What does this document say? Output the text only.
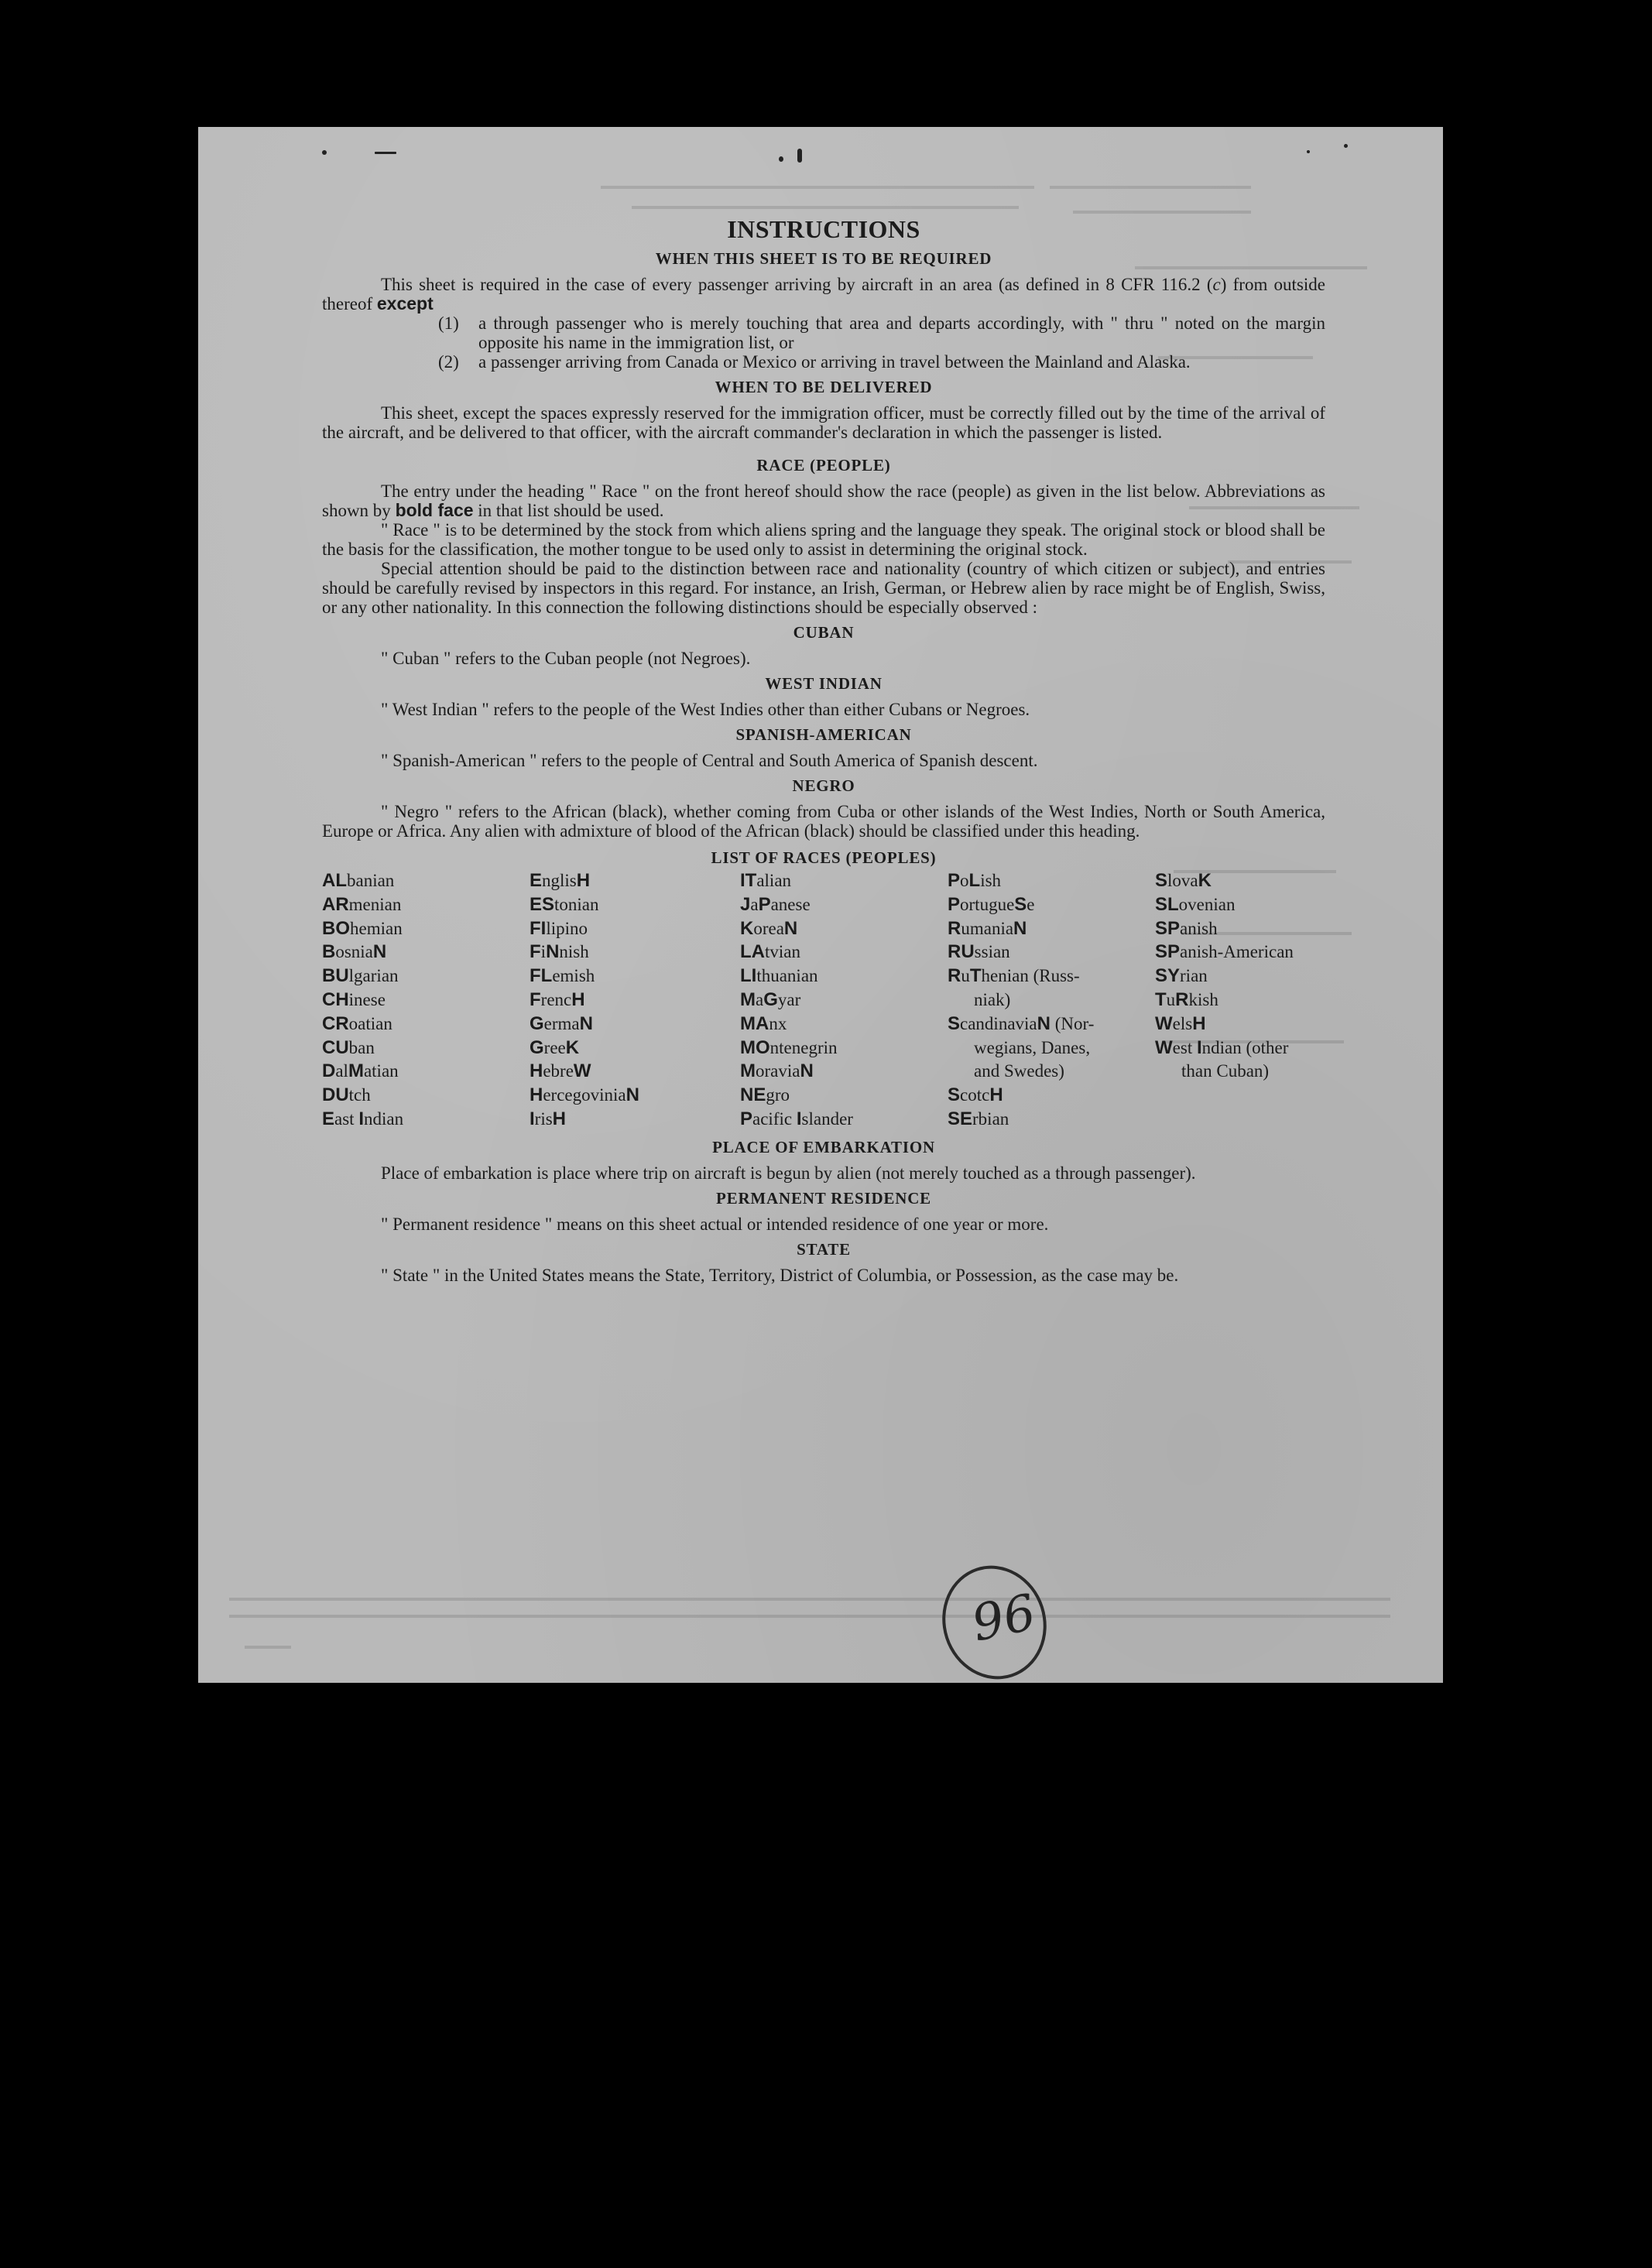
96
INSTRUCTIONS
WHEN THIS SHEET IS TO BE REQUIRED

This sheet is required in the case of every passenger arriving by aircraft in an area (as defined in 8 CFR 116.2 (c) from outside thereof except

(1)	a through passenger who is merely touching that area and departs accordingly, with " thru " noted on the margin opposite his name in the immigration list, or
(2)	a passenger arriving from Canada or Mexico or arriving in travel between the Mainland and Alaska.
WHEN TO BE DELIVERED

This sheet, except the spaces expressly reserved for the immigration officer, must be correctly filled out by the time of the arrival of the aircraft, and be delivered to that officer, with the aircraft commander's declaration in which the passenger is listed.

RACE (PEOPLE)

The entry under the heading " Race " on the front hereof should show the race (people) as given in the list below. Abbreviations as shown by bold face in that list should be used.

" Race " is to be determined by the stock from which aliens spring and the language they speak. The original stock or blood shall be the basis for the classification, the mother tongue to be used only to assist in determining the original stock.

Special attention should be paid to the distinction between race and nationality (country of which citizen or subject), and entries should be carefully revised by inspectors in this regard. For instance, an Irish, German, or Hebrew alien by race might be of English, Swiss, or any other nationality. In this connection the following distinctions should be especially observed :

CUBAN

" Cuban " refers to the Cuban people (not Negroes).

WEST INDIAN

" West Indian " refers to the people of the West Indies other than either Cubans or Negroes.

SPANISH-AMERICAN

" Spanish-American " refers to the people of Central and South America of Spanish descent.

NEGRO

" Negro " refers to the African (black), whether coming from Cuba or other islands of the West Indies, North or South America, Europe or Africa. Any alien with admixture of blood of the African (black) should be classified under this heading.

LIST OF RACES (PEOPLES)
ALbanian
ARmenian
BOhemian
BosniaN
BUlgarian
CHinese
CRoatian
CUban
DalMatian
DUtch
East Indian
EnglisH
EStonian
FIlipino
FiNnish
FLemish
FrencH
GermaN
GreeK
HebreW
HercegoviniaN
IrisH
ITalian
JaPanese
KoreaN
LAtvian
LIthuanian
MaGyar
MAnx
MOntenegrin
MoraviaN
NEgro
Pacific Islander
PoLish
PortugueSe
RumaniaN
RUssian
RuThenian (Russ-
niak)
ScandinaviaN (Nor-
wegians, Danes,
and Swedes)
ScotcH
SErbian
SlovaK
SLovenian
SPanish
SPanish-American
SYrian
TuRkish
WelsH
West Indian (other
than Cuban)
PLACE OF EMBARKATION

Place of embarkation is place where trip on aircraft is begun by alien (not merely touched as a through passenger).

PERMANENT RESIDENCE

" Permanent residence " means on this sheet actual or intended residence of one year or more.

STATE

" State " in the United States means the State, Territory, District of Columbia, or Possession, as the case may be.
